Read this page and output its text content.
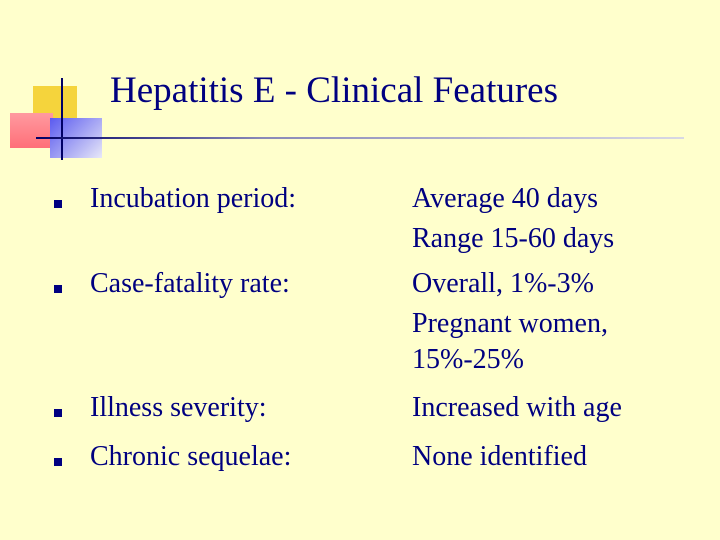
Hepatitis E - Clinical Features
Incubation period:	Average 40 days
Range 15-60 days
Case-fatality rate:	Overall, 1%-3%
Pregnant women,
15%-25%
Illness severity:	Increased with age
Chronic sequelae:	None identified
